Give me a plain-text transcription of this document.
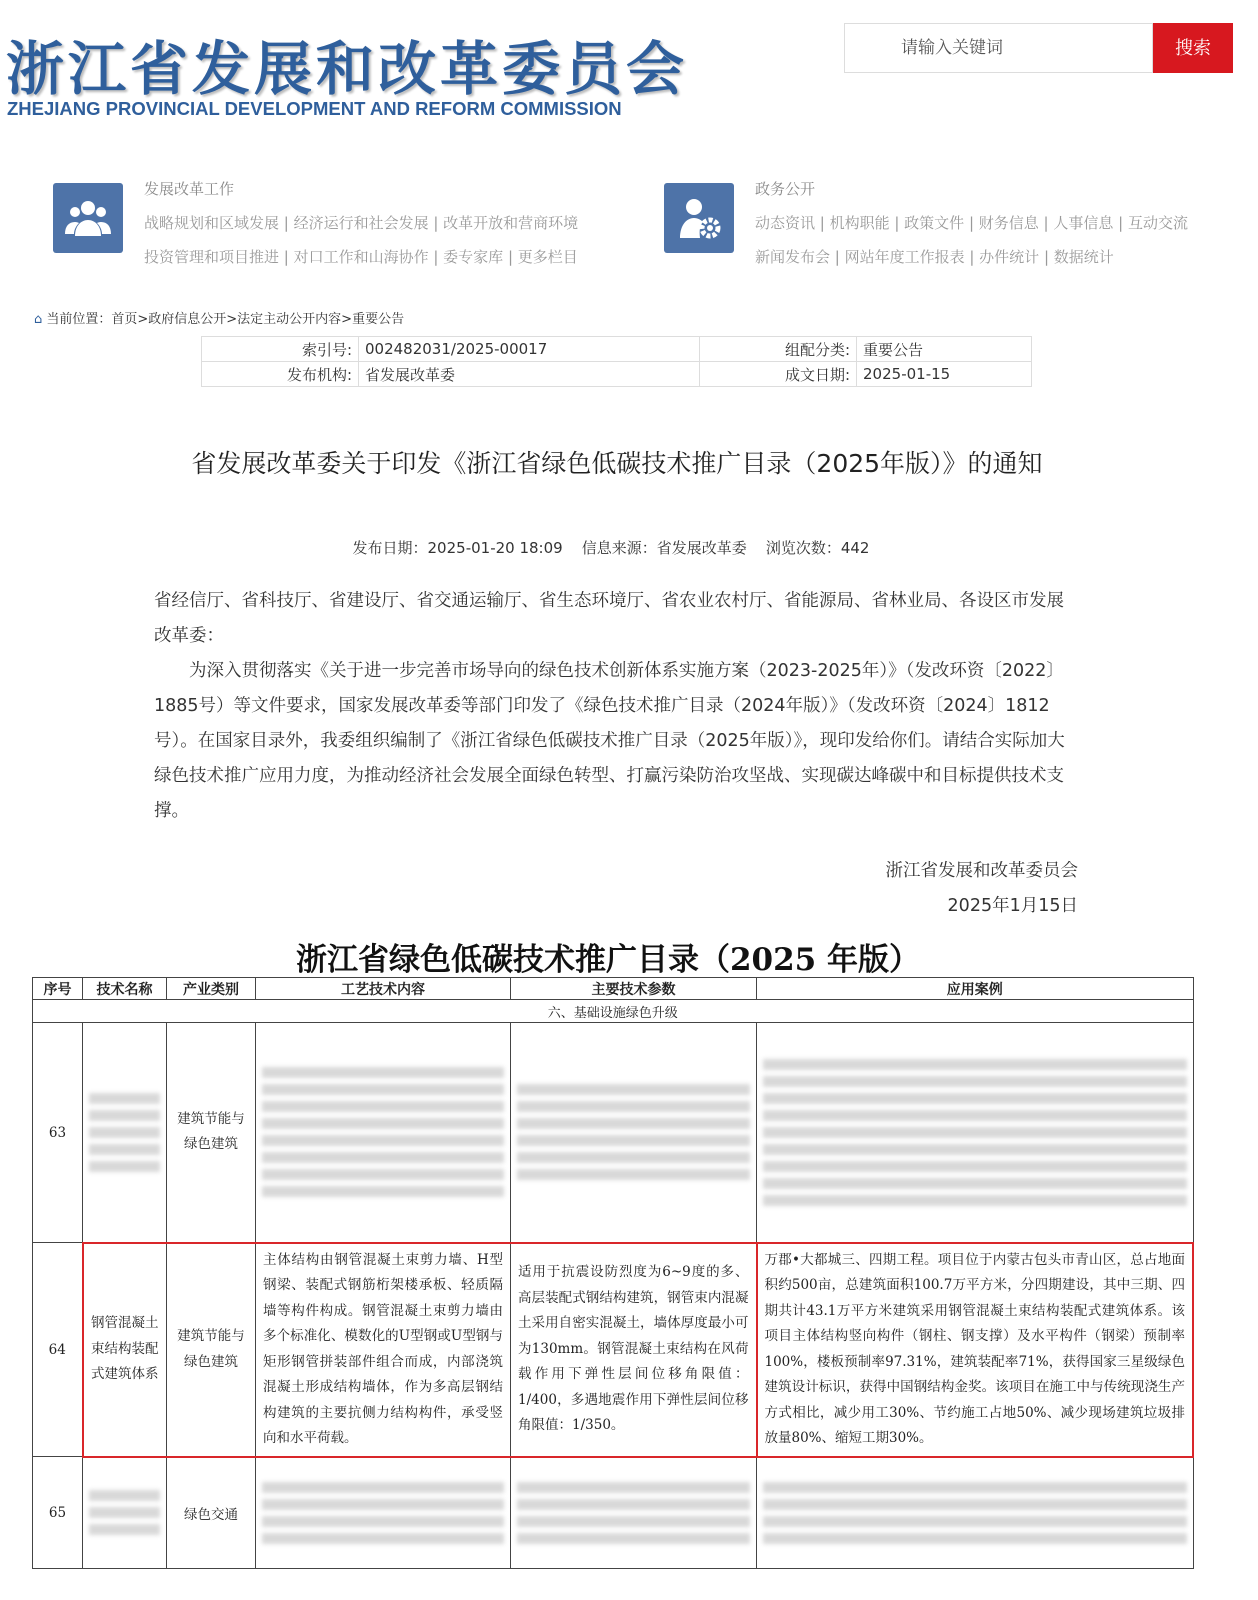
浙江省发展和改革委员会
ZHEJIANG PROVINCIAL DEVELOPMENT AND REFORM COMMISSION
请输入关键词	搜索
发展改革工作
战略规划和区域发展 | 经济运行和社会发展 | 改革开放和营商环境
投资管理和项目推进 | 对口工作和山海协作 | 委专家库 | 更多栏目
政务公开
动态资讯 | 机构职能 | 政策文件 | 财务信息 | 人事信息 | 互动交流
新闻发布会 | 网站年度工作报表 | 办件统计 | 数据统计
⌂ 当前位置：首页>政府信息公开>法定主动公开内容>重要公告
索引号:	002482031/2025-00017	组配分类:	重要公告
发布机构:	省发展改革委	成文日期:	2025-01-15
省发展改革委关于印发《浙江省绿色低碳技术推广目录（2025年版）》的通知
发布日期：2025-01-20 18:09    信息来源：省发展改革委    浏览次数：442

省经信厅、省科技厅、省建设厅、省交通运输厅、省生态环境厅、省农业农村厅、省能源局、省林业局、各设区市发展改革委：

为深入贯彻落实《关于进一步完善市场导向的绿色技术创新体系实施方案（2023-2025年）》（发改环资〔2022〕1885号）等文件要求，国家发展改革委等部门印发了《绿色技术推广目录（2024年版）》（发改环资〔2024〕1812号）。在国家目录外，我委组织编制了《浙江省绿色低碳技术推广目录（2025年版）》，现印发给你们。请结合实际加大绿色技术推广应用力度，为推动经济社会发展全面绿色转型、打赢污染防治攻坚战、实现碳达峰碳中和目标提供技术支撑。

浙江省发展和改革委员会
2025年1月15日
浙江省绿色低碳技术推广目录（2025 年版）
序号	技术名称	产业类别	工艺技术内容	主要技术参数	应用案例
六、基础设施绿色升级					
63		建筑节能与绿色建筑	

64	钢管混凝土束结构装配式建筑体系	建筑节能与绿色建筑	主体结构由钢管混凝土束剪力墙、H型钢梁、装配式钢筋桁架楼承板、轻质隔墙等构件构成。钢管混凝土束剪力墙由多个标准化、模数化的U型钢或U型钢与矩形钢管拼装部件组合而成，内部浇筑混凝土形成结构墙体，作为多高层钢结构建筑的主要抗侧力结构构件，承受竖向和水平荷载。	适用于抗震设防烈度为6~9度的多、高层装配式钢结构建筑，钢管束内混凝土采用自密实混凝土，墙体厚度最小可为130mm。钢管混凝土束结构在风荷载作用下弹性层间位移角限值：1/400，多遇地震作用下弹性层间位移角限值：1/350。	万郡•大都城三、四期工程。项目位于内蒙古包头市青山区，总占地面积约500亩，总建筑面积100.7万平方米，分四期建设，其中三期、四期共计43.1万平方米建筑采用钢管混凝土束结构装配式建筑体系。该项目主体结构竖向构件（钢柱、钢支撑）及水平构件（钢梁）预制率100%，楼板预制率97.31%，建筑装配率71%，获得国家三星级绿色建筑设计标识，获得中国钢结构金奖。该项目在施工中与传统现浇生产方式相比，减少用工30%、节约施工占地50%、减少现场建筑垃圾排放量80%、缩短工期30%。
65		绿色交通	
